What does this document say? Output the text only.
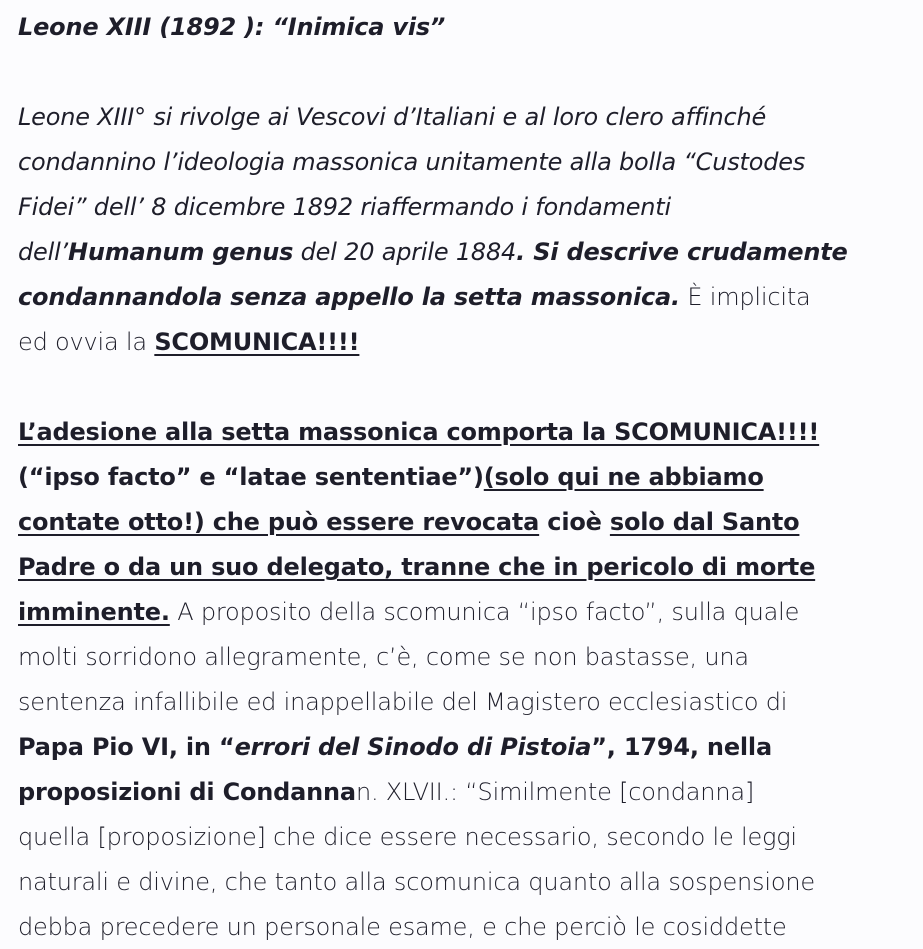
Leone XIII (1892 ): “Inimica vis”
Leone XIII° si rivolge ai Vescovi d’Italiani e al loro clero affinché
condannino l’ideologia massonica unitamente alla bolla “Custodes
Fidei” dell’ 8 dicembre 1892 riaffermando i fondamenti
dell’Humanum genus del 20 aprile 1884. Si descrive crudamente
condannandola senza appello la setta massonica. È implicita
ed ovvia la SCOMUNICA!!!!
L’adesione alla setta massonica comporta la SCOMUNICA!!!!
(“ipso facto” e “latae sententiae”)(solo qui ne abbiamo
contate otto!) che può essere revocata cioè solo dal Santo
Padre o da un suo delegato, tranne che in pericolo di morte
imminente. A proposito della scomunica “ipso facto”, sulla quale
molti sorridono allegramente, c’è, come se non bastasse, una
sentenza infallibile ed inappellabile del Magistero ecclesiastico di
Papa Pio VI, in “errori del Sinodo di Pistoia”, 1794, nella
proposizioni di Condannan. XLVII.: “Similmente [condanna]
quella [proposizione] che dice essere necessario, secondo le leggi
naturali e divine, che tanto alla scomunica quanto alla sospensione
debba precedere un personale esame, e che perciò le cosiddette
